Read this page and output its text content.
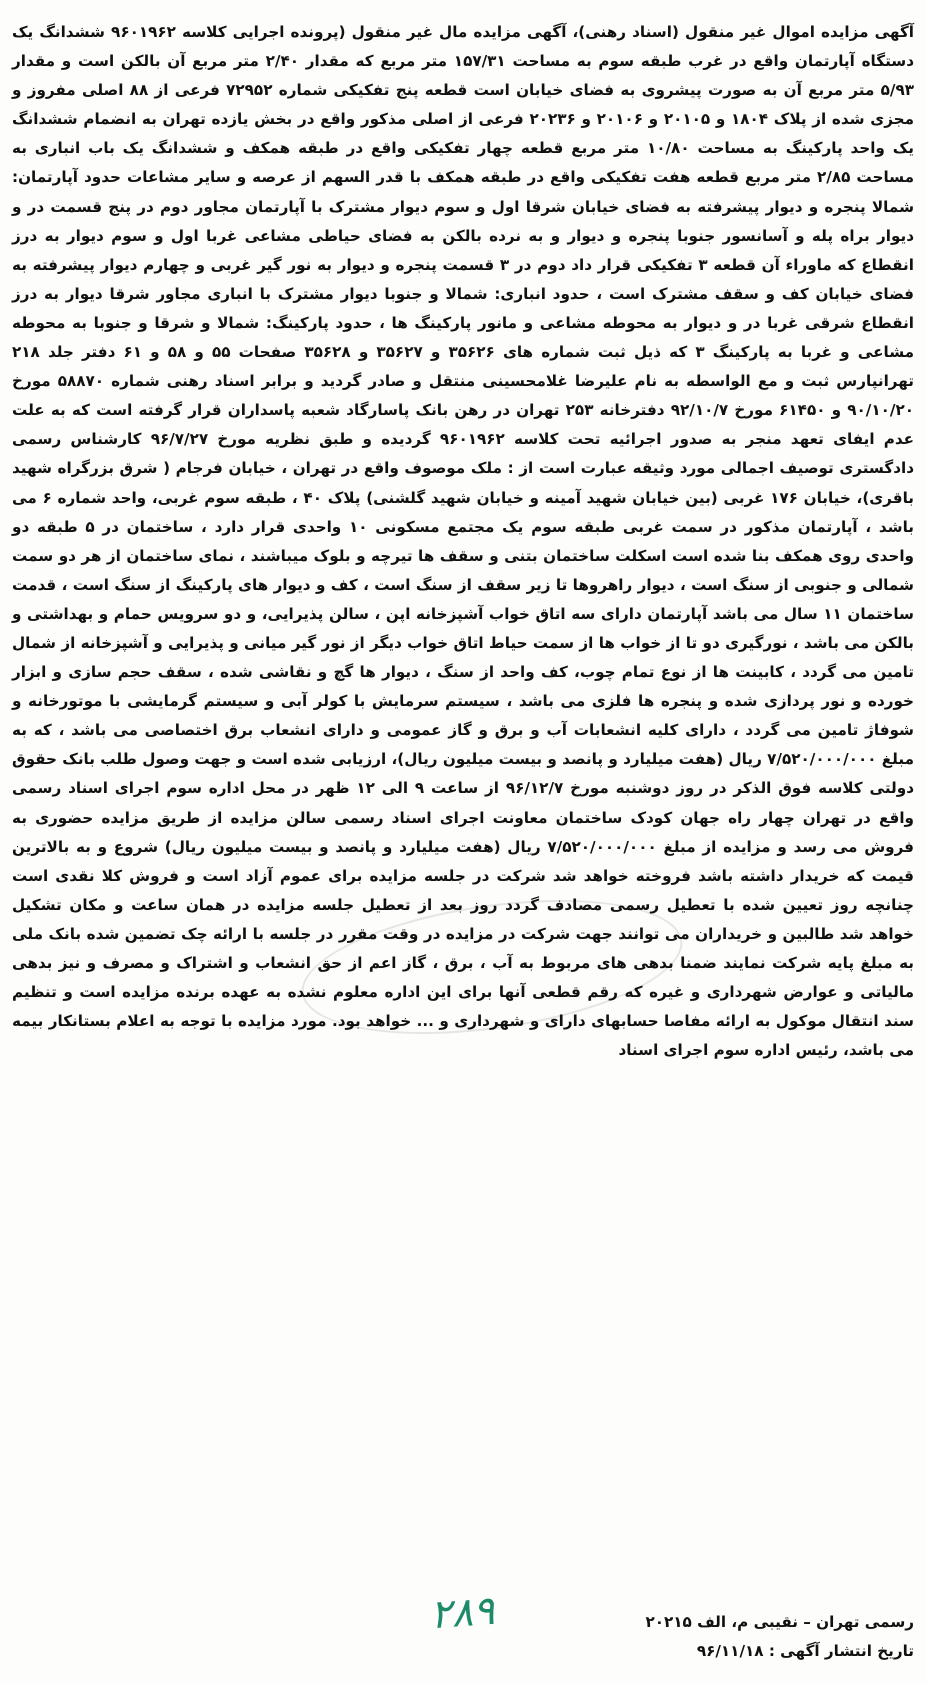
آگهی مزایده اموال غیر منقول (اسناد رهنی)، آگهی مزایده مال غیر منقول (پرونده اجرایی کلاسه ۹۶۰۱۹۶۲ ششدانگ یک دستگاه آپارتمان واقع در غرب طبقه سوم به مساحت ۱۵۷/۳۱ متر مربع که مقدار ۲/۴۰ متر مربع آن بالکن است و مقدار ۵/۹۳ متر مربع آن به صورت پیشروی به فضای خیابان است قطعه پنج تفکیکی شماره ۷۲۹۵۲ فرعی از ۸۸ اصلی مفروز و مجزی شده از پلاک ۱۸۰۴ و ۲۰۱۰۵ و ۲۰۱۰۶ و ۲۰۲۳۶ فرعی از اصلی مذکور واقع در بخش یازده تهران به انضمام ششدانگ یک واحد پارکینگ به مساحت ۱۰/۸۰ متر مربع قطعه چهار تفکیکی واقع در طبقه همکف و ششدانگ یک باب انباری به مساحت ۲/۸۵ متر مربع قطعه هفت تفکیکی واقع در طبقه همکف با قدر السهم از عرصه و سایر مشاعات حدود آپارتمان: شمالا پنجره و دیوار پیشرفته به فضای خیابان شرقا اول و سوم دیوار مشترک با آپارتمان مجاور دوم در پنج قسمت در و دیوار براه پله و آسانسور جنوبا پنجره و دیوار و به نرده بالکن به فضای حیاطی مشاعی غربا اول و سوم دیوار به درز انقطاع که ماوراء آن قطعه ۳ تفکیکی قرار داد دوم در ۳ قسمت پنجره و دیوار به نور گیر غربی و چهارم دیوار پیشرفته به فضای خیابان کف و سقف مشترک است ، حدود انباری: شمالا و جنوبا دیوار مشترک با انباری مجاور شرقا دیوار به درز انقطاع شرقی غربا در و دیوار به محوطه مشاعی و مانور پارکینگ ها ، حدود پارکینگ: شمالا و شرقا و جنوبا به محوطه مشاعی و غربا به پارکینگ ۳ که ذیل ثبت شماره های ۳۵۶۲۶ و ۳۵۶۲۷ و ۳۵۶۲۸ صفحات ۵۵ و ۵۸ و ۶۱ دفتر جلد ۲۱۸ تهرانپارس ثبت و مع الواسطه به نام علیرضا غلامحسینی منتقل و صادر گردید و برابر اسناد رهنی شماره ۵۸۸۷۰ مورخ ۹۰/۱۰/۲۰ و ۶۱۴۵۰ مورخ ۹۲/۱۰/۷ دفترخانه ۲۵۳ تهران در رهن بانک پاسارگاد شعبه پاسداران قرار گرفته است که به علت عدم ایفای تعهد منجر به صدور اجرائیه تحت کلاسه ۹۶۰۱۹۶۲ گردیده و طبق نظریه مورخ ۹۶/۷/۲۷ کارشناس رسمی دادگستری توصیف اجمالی مورد وثیقه عبارت است از : ملک موصوف واقع در تهران ، خیابان فرجام ( شرق بزرگراه شهید باقری)، خیابان ۱۷۶ غربی (بین خیابان شهید آمینه و خیابان شهید گلشنی) پلاک ۴۰ ، طبقه سوم غربی، واحد شماره ۶ می باشد ، آپارتمان مذکور در سمت غربی طبقه سوم یک مجتمع مسکونی ۱۰ واحدی قرار دارد ، ساختمان در ۵ طبقه دو واحدی روی همکف بنا شده است اسکلت ساختمان بتنی و سقف ها تیرچه و بلوک میباشند ، نمای ساختمان از هر دو سمت شمالی و جنوبی از سنگ است ، دیوار راهروها تا زیر سقف از سنگ است ، کف و دیوار های پارکینگ از سنگ است ، قدمت ساختمان ۱۱ سال می باشد آپارتمان دارای سه اتاق خواب آشپزخانه اپن ، سالن پذیرایی، و دو سرویس حمام و بهداشتی و بالکن می باشد ، نورگیری دو تا از خواب ها از سمت حیاط اتاق خواب دیگر از نور گیر میانی و پذیرایی و آشپزخانه از شمال تامین می گردد ، کابینت ها از نوع تمام چوب، کف واحد از سنگ ، دیوار ها گچ و نقاشی شده ، سقف حجم سازی و ابزار خورده و نور پردازی شده و پنجره ها فلزی می باشد ، سیستم سرمایش با کولر آبی و سیستم گرمایشی با موتورخانه و شوفاژ تامین می گردد ، دارای کلیه انشعابات آب و برق و گاز عمومی و دارای انشعاب برق اختصاصی می باشد ، که به مبلغ ۷/۵۲۰/۰۰۰/۰۰۰ ریال (هفت میلیارد و پانصد و بیست میلیون ریال)، ارزیابی شده است و جهت وصول طلب بانک حقوق دولتی کلاسه فوق الذکر در روز دوشنبه مورخ ۹۶/۱۲/۷ از ساعت ۹ الی ۱۲ ظهر در محل اداره سوم اجرای اسناد رسمی واقع در تهران چهار راه جهان کودک ساختمان معاونت اجرای اسناد رسمی سالن مزایده از طریق مزایده حضوری به فروش می رسد و مزایده از مبلغ ۷/۵۲۰/۰۰۰/۰۰۰ ریال (هفت میلیارد و پانصد و بیست میلیون ریال) شروع و به بالاترین قیمت که خریدار داشته باشد فروخته خواهد شد شرکت در جلسه مزایده برای عموم آزاد است و فروش کلا نقدی است چنانچه روز تعیین شده با تعطیل رسمی مصادف گردد روز بعد از تعطیل جلسه مزایده در همان ساعت و مکان تشکیل خواهد شد طالبین و خریداران می توانند جهت شرکت در مزایده در وقت مقرر در جلسه با ارائه چک تضمین شده بانک ملی به مبلغ پایه شرکت نمایند ضمنا بدهی های مربوط به آب ، برق ، گاز اعم از حق انشعاب و اشتراک و مصرف و نیز بدهی مالیاتی و عوارض شهرداری و غیره که رقم قطعی آنها برای این اداره معلوم نشده به عهده برنده مزایده است و تنظیم سند انتقال موکول به ارائه مفاصا حسابهای دارای و شهرداری و ... خواهد بود. مورد مزایده با توجه به اعلام بستانکار بیمه می باشد، رئیس اداره سوم اجرای اسناد

رسمی تهران – نقیبی م، الف ۲۰۲۱۵
تاریخ انتشار آگهی : ۹۶/۱۱/۱۸
۲۸۹
